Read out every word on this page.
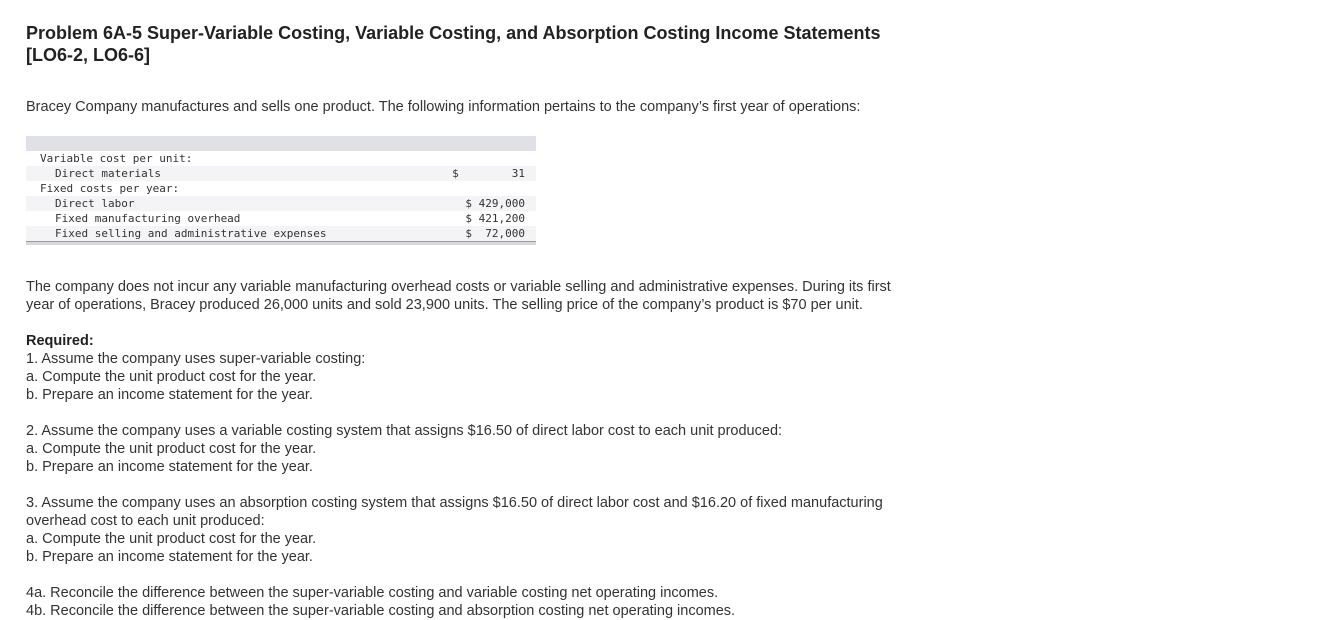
Problem 6A-5 Super-Variable Costing, Variable Costing, and Absorption Costing Income Statements
[LO6-2, LO6-6]

Bracey Company manufactures and sells one product. The following information pertains to the company’s first year of operations:

Variable cost per unit:	
Direct materials	$        31
Fixed costs per year:	
Direct labor	$ 429,000
Fixed manufacturing overhead	$ 421,200
Fixed selling and administrative expenses	$  72,000
The company does not incur any variable manufacturing overhead costs or variable selling and administrative expenses. During its first
year of operations, Bracey produced 26,000 units and sold 23,900 units. The selling price of the company’s product is $70 per unit.
Required:
1. Assume the company uses super-variable costing:
a. Compute the unit product cost for the year.
b. Prepare an income statement for the year.
2. Assume the company uses a variable costing system that assigns $16.50 of direct labor cost to each unit produced:
a. Compute the unit product cost for the year.
b. Prepare an income statement for the year.
3. Assume the company uses an absorption costing system that assigns $16.50 of direct labor cost and $16.20 of fixed manufacturing
overhead cost to each unit produced:
a. Compute the unit product cost for the year.
b. Prepare an income statement for the year.
4a. Reconcile the difference between the super-variable costing and variable costing net operating incomes.
4b. Reconcile the difference between the super-variable costing and absorption costing net operating incomes.
